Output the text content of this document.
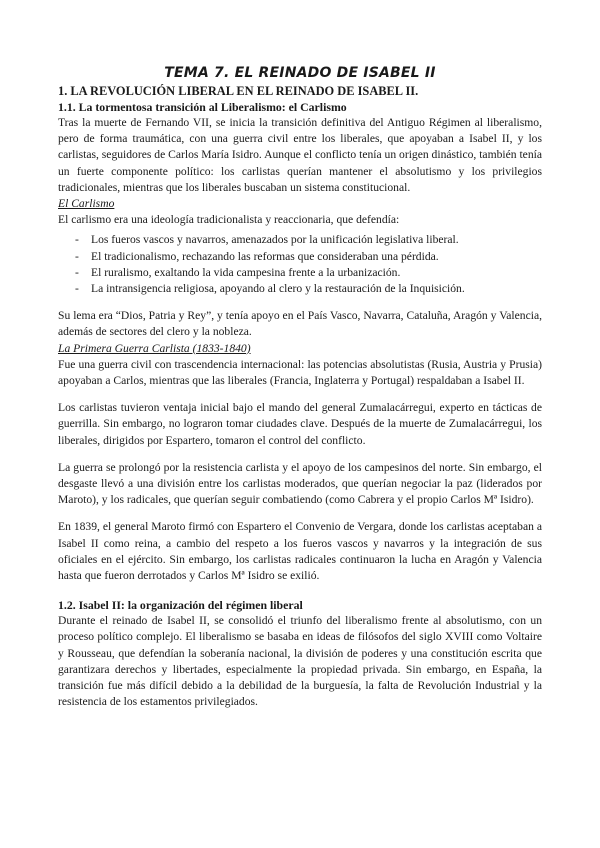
TEMA 7. EL REINADO DE ISABEL II
1. LA REVOLUCIÓN LIBERAL EN EL REINADO DE ISABEL II.
1.1. La tormentosa transición al Liberalismo: el Carlismo

Tras la muerte de Fernando VII, se inicia la transición definitiva del Antiguo Régimen al liberalismo, pero de forma traumática, con una guerra civil entre los liberales, que apoyaban a Isabel II, y los carlistas, seguidores de Carlos María Isidro. Aunque el conflicto tenía un origen dinástico, también tenía un fuerte componente político: los carlistas querían mantener el absolutismo y los privilegios tradicionales, mientras que los liberales buscaban un sistema constitucional.

El Carlismo

El carlismo era una ideología tradicionalista y reaccionaria, que defendía:

- Los fueros vascos y navarros, amenazados por la unificación legislativa liberal.
- El tradicionalismo, rechazando las reformas que consideraban una pérdida.
- El ruralismo, exaltando la vida campesina frente a la urbanización.
- La intransigencia religiosa, apoyando al clero y la restauración de la Inquisición.

Su lema era “Dios, Patria y Rey”, y tenía apoyo en el País Vasco, Navarra, Cataluña, Aragón y Valencia, además de sectores del clero y la nobleza.

La Primera Guerra Carlista (1833-1840)

Fue una guerra civil con trascendencia internacional: las potencias absolutistas (Rusia, Austria y Prusia) apoyaban a Carlos, mientras que las liberales (Francia, Inglaterra y Portugal) respaldaban a Isabel II.

Los carlistas tuvieron ventaja inicial bajo el mando del general Zumalacárregui, experto en tácticas de guerrilla. Sin embargo, no lograron tomar ciudades clave. Después de la muerte de Zumalacárregui, los liberales, dirigidos por Espartero, tomaron el control del conflicto.

La guerra se prolongó por la resistencia carlista y el apoyo de los campesinos del norte. Sin embargo, el desgaste llevó a una división entre los carlistas moderados, que querían negociar la paz (liderados por Maroto), y los radicales, que querían seguir combatiendo (como Cabrera y el propio Carlos Mª Isidro).

En 1839, el general Maroto firmó con Espartero el Convenio de Vergara, donde los carlistas aceptaban a Isabel II como reina, a cambio del respeto a los fueros vascos y navarros y la integración de sus oficiales en el ejército. Sin embargo, los carlistas radicales continuaron la lucha en Aragón y Valencia hasta que fueron derrotados y Carlos Mª Isidro se exilió.

1.2. Isabel II: la organización del régimen liberal

Durante el reinado de Isabel II, se consolidó el triunfo del liberalismo frente al absolutismo, con un proceso político complejo. El liberalismo se basaba en ideas de filósofos del siglo XVIII como Voltaire y Rousseau, que defendían la soberanía nacional, la división de poderes y una constitución escrita que garantizara derechos y libertades, especialmente la propiedad privada. Sin embargo, en España, la transición fue más difícil debido a la debilidad de la burguesía, la falta de Revolución Industrial y la resistencia de los estamentos privilegiados.
